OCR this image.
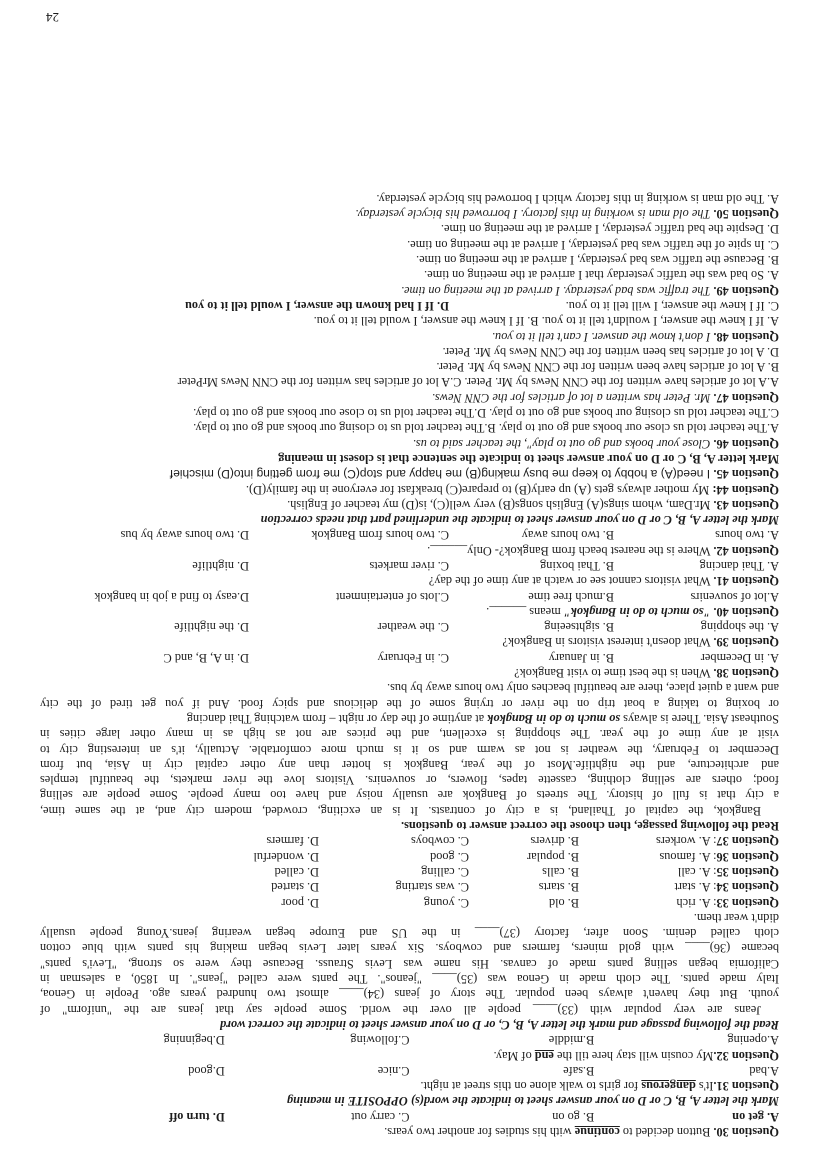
Question 30. Button decided to continue with his studies for another two years.
A. get on
B. go on
C. carry out
D. turn off
Mark the letter A, B, C or D on your answer sheet to indicate the word(s) OPPOSITE in meaning
Question 31.It's dangerous for girls to walk alone on this street at night.
A.bad
B.safe
C.nice
D.good
Question 32.My cousin will stay here till the end of May.
A.opening
B.middle
C.following
D.beginning
Read the following passage and mark the letter A, B, C, or D on your answer sheet to indicate the correct word
Jeans are very popular with (33)____ people all over the world. Some people say that jeans are the "uniform" of
youth. But they haven't always been popular. The story of jeans (34)____ almost two hundred years ago. People in Genoa,
Italy made pants. The cloth made in Genoa was (35)____ "jeanos". The pants were called "jeans". In 1850, a salesman in
California began selling pants made of canvas. His name was Levis Strauss. Because they were so strong, "Levi's pants"
became (36)____ with gold miners, farmers and cowboys. Six years later Levis began making his pants with blue cotton
cloth called denim. Soon after, factory (37)____ in the US and Europe began wearing jeans.Young people usually
didn't wear them.
Question 33: A. rich
B. old
C. young
D. poor
Question 34: A. start
B. starts
C. was starting
D. started
Question 35: A. call
B. calls
C. calling
D. called
Question 36: A. famous
B. popular
C. good
D. wonderful
Question 37: A. workers
B. drivers
C. cowboys
D. farmers
Read the following passage, then choose the correct answer to questions.
Bangkok, the capital of Thailand, is a city of contrasts. It is an exciting, crowded, modern city and, at the same time,
a city that is full of history. The streets of Bangkok are usually noisy and have too many people. Some people are selling
food; others are selling clothing, cassette tapes, flowers, or souvenirs. Visitors love the river markets, the beautiful temples
and architecture, and the nightlife.Most of the year, Bangkok is hotter than any other capital city in Asia, but from
December to February, the weather is not as warm and so it is much more comfortable. Actually, it's an interesting city to
visit at any time of the year. The shopping is excellent, and the prices are not as high as in many other large cities in
Southeast Asia. There is always so much to do in Bangkok at anytime of the day or night – from watching Thai dancing
or boxing to taking a boat trip on the river or trying some of the delicious and spicy food. And if you get tired of the city
and want a quiet place, there are beautiful beaches only two hours away by bus.
Question 38. When is the best time to visit Bangkok?
A. in December
B. in January
C. in February
D. in A, B, and C
Question 39. What doesn't interest visitors in Bangkok?
A. the shopping
B. sightseeing
C. the weather
D. the nightlife
Question 40. "so much to do in Bangkok" means ______.
A.lot of souvenirs
B.much free time
C.lots of entertainment
D.easy to find a job in bangkok
Question 41. What visitors cannot see or watch at any time of the day?
A. Thai dancing
B. Thai boxing
C. river markets
D. nightlife
Question 42. Where is the nearest beach from Bangkok?- Only______.
A. two hours
B. two hours away
C. two hours from Bangkok
D. two hours away by bus
Mark the letter A, B, C or D on your answer sheet to indicate the underlined part that needs correction
Question 43. Mr.Dam, whom sings(A) English songs(B) very well(C), is(D) my teacher of English.
Question 44: My mother always gets (A) up early(B) to prepare(C) breakfast for everyone in the family(D).
Question 45. I need(A) a hobby to keep me busy making(B) me happy and stop(C) me from getting into(D) mischief
Mark letter A, B, C or D on your answer sheet to indicate the sentence that is closest in meaning
Question 46. Close your books and go out to play", the teacher said to us.
A.The teacher told us close our books and go out to play. B.The teacher told us to closing our books and go out to play.
C.The teacher told us closing our books and go out to play. D.The teacher told us to close our books and go out to play.
Question 47. Mr. Peter has written a lot of articles for the CNN News.
A.A lot of articles have written for the CNN News by Mr. Peter. C.A lot of articles has written for the CNN News MrPeter
B. A lot of articles have been written for the CNN News by Mr. Peter.
D. A lot of articles has been written for the CNN News by Mr. Peter.
Question 48. I don't know the answer. I can't tell it to you.
A. If I knew the answer, I wouldn't tell it to you. B. If I knew the answer, I would tell it to you.
C. If I knew the answer, I will tell it to you.D. If I had known the answer, I would tell it to you
Question 49. The traffic was bad yesterday. I arrived at the meeting on time.
A. So bad was the traffic yesterday that I arrived at the meeting on time.
B. Because the traffic was bad yesterday, I arrived at the meeting on time.
C. In spite of the traffic was bad yesterday, I arrived at the meeting on time.
D. Despite the bad traffic yesterday, I arrived at the meeting on time.
Question 50. The old man is working in this factory. I borrowed his bicycle yesterday.
A. The old man is working in this factory which I borrowed his bicycle yesterday.
24
